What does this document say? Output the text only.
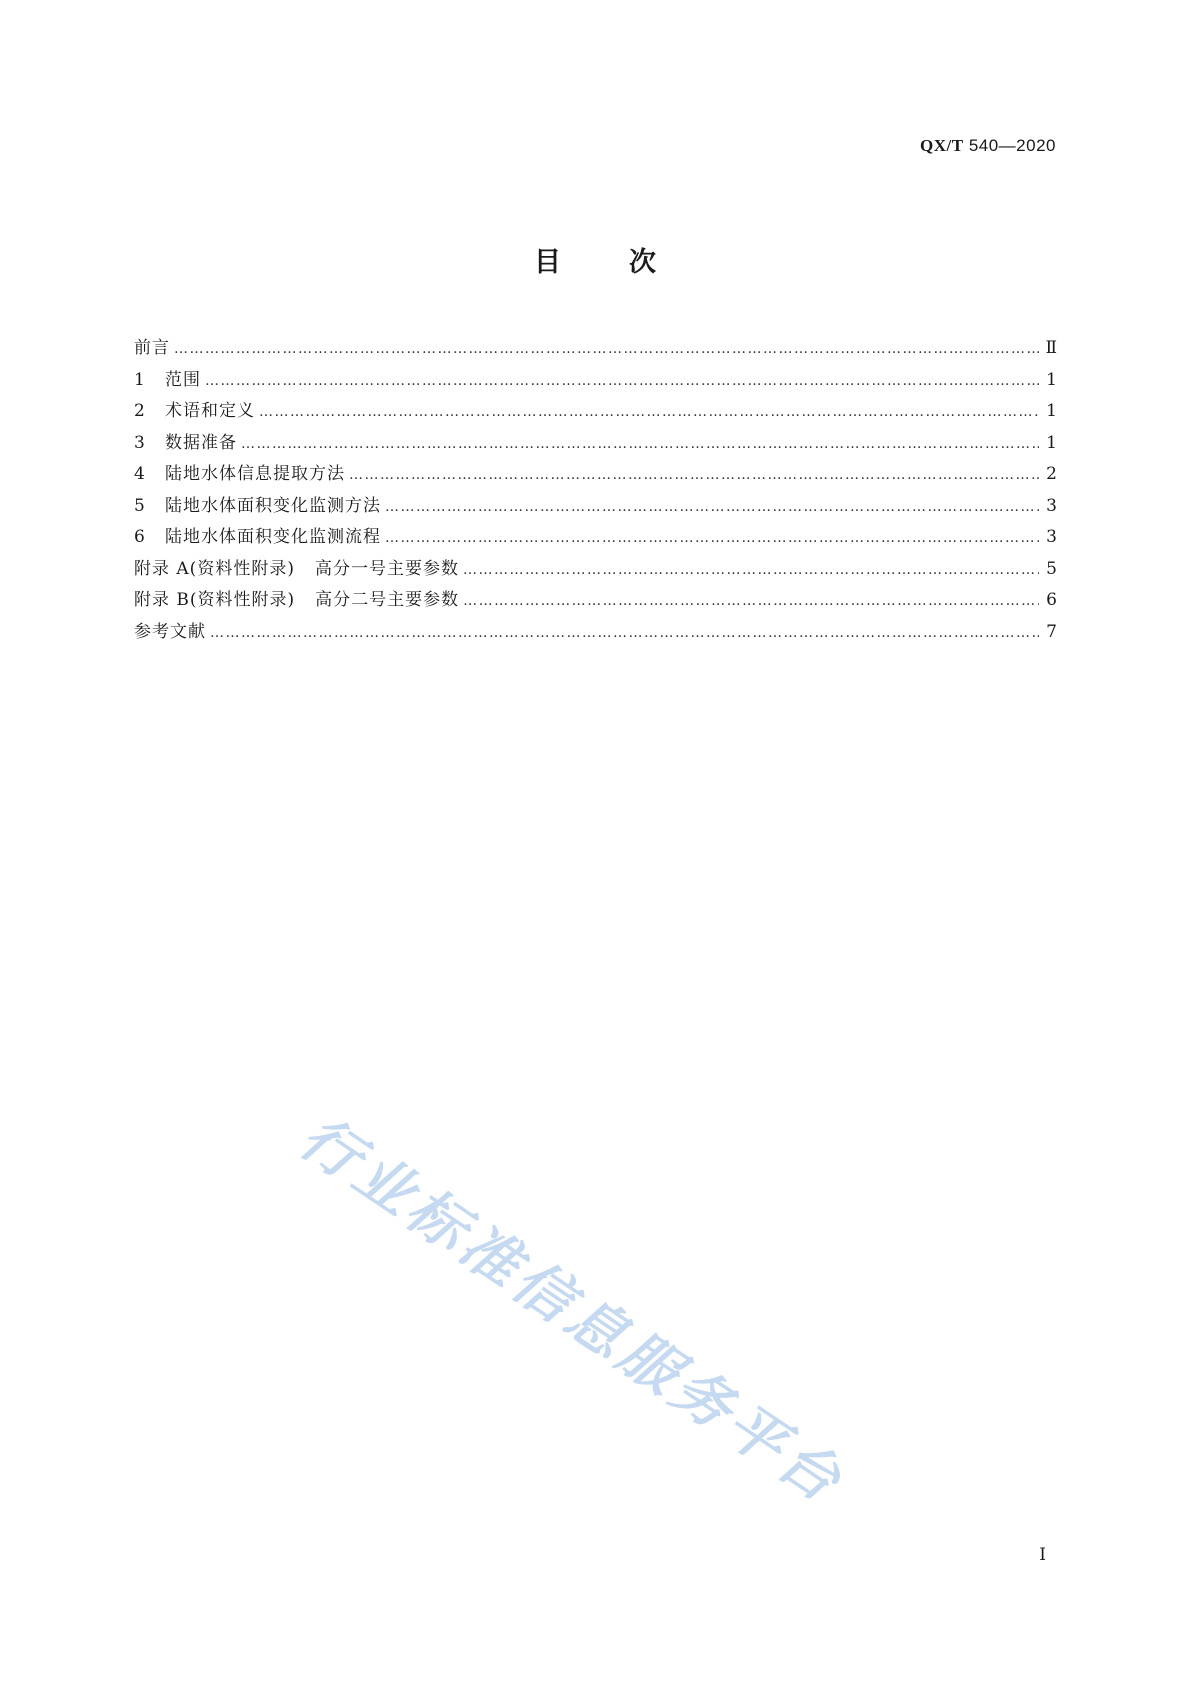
QX/T 540—2020
目	次
前言 ……………………………………………………………………………………………………………………………………………………………………………………………………	Ⅱ
1	范围 ……………………………………………………………………………………………………………………………………………………………………………………………………	1
2	术语和定义 ……………………………………………………………………………………………………………………………………………………………………………………………………	1
3	数据准备 ……………………………………………………………………………………………………………………………………………………………………………………………………	1
4	陆地水体信息提取方法 ……………………………………………………………………………………………………………………………………………………………………………………………………	2
5	陆地水体面积变化监测方法 ……………………………………………………………………………………………………………………………………………………………………………………………………	3
6	陆地水体面积变化监测流程 ……………………………………………………………………………………………………………………………………………………………………………………………………	3
附录 A(资料性附录) 高分一号主要参数 ……………………………………………………………………………………………………………………………………………………………………………………………………	5
附录 B(资料性附录) 高分二号主要参数 ……………………………………………………………………………………………………………………………………………………………………………………………………	6
参考文献 ……………………………………………………………………………………………………………………………………………………………………………………………………	7
行业标准信息服务平台
Ⅰ
